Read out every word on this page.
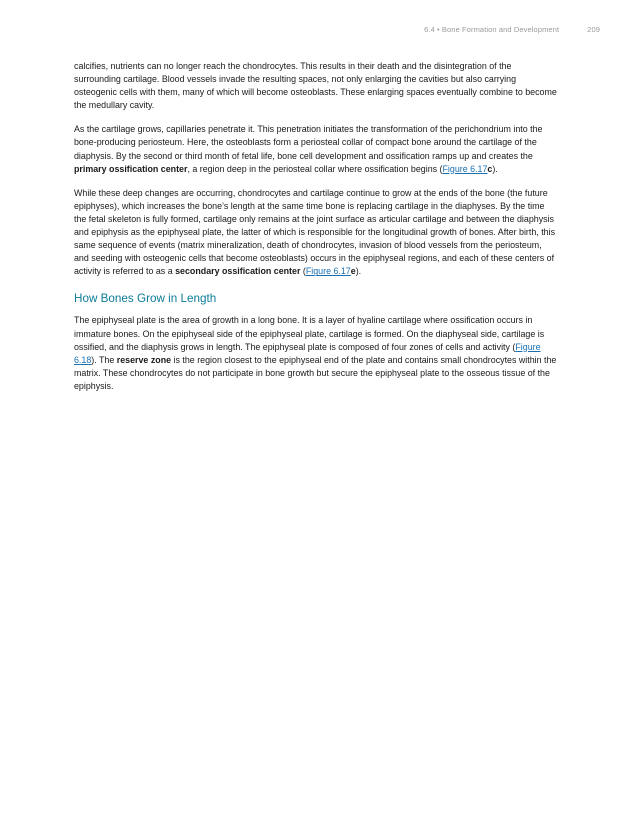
6.4 • Bone Formation and Development	209

calcifies, nutrients can no longer reach the chondrocytes. This results in their death and the disintegration of the surrounding cartilage. Blood vessels invade the resulting spaces, not only enlarging the cavities but also carrying osteogenic cells with them, many of which will become osteoblasts. These enlarging spaces eventually combine to become the medullary cavity.

As the cartilage grows, capillaries penetrate it. This penetration initiates the transformation of the perichondrium into the bone-producing periosteum. Here, the osteoblasts form a periosteal collar of compact bone around the cartilage of the diaphysis. By the second or third month of fetal life, bone cell development and ossification ramps up and creates the primary ossification center, a region deep in the periosteal collar where ossification begins (Figure 6.17c).

While these deep changes are occurring, chondrocytes and cartilage continue to grow at the ends of the bone (the future epiphyses), which increases the bone’s length at the same time bone is replacing cartilage in the diaphyses. By the time the fetal skeleton is fully formed, cartilage only remains at the joint surface as articular cartilage and between the diaphysis and epiphysis as the epiphyseal plate, the latter of which is responsible for the longitudinal growth of bones. After birth, this same sequence of events (matrix mineralization, death of chondrocytes, invasion of blood vessels from the periosteum, and seeding with osteogenic cells that become osteoblasts) occurs in the epiphyseal regions, and each of these centers of activity is referred to as a secondary ossification center (Figure 6.17e).

How Bones Grow in Length

The epiphyseal plate is the area of growth in a long bone. It is a layer of hyaline cartilage where ossification occurs in immature bones. On the epiphyseal side of the epiphyseal plate, cartilage is formed. On the diaphyseal side, cartilage is ossified, and the diaphysis grows in length. The epiphyseal plate is composed of four zones of cells and activity (Figure 6.18). The reserve zone is the region closest to the epiphyseal end of the plate and contains small chondrocytes within the matrix. These chondrocytes do not participate in bone growth but secure the epiphyseal plate to the osseous tissue of the epiphysis.
